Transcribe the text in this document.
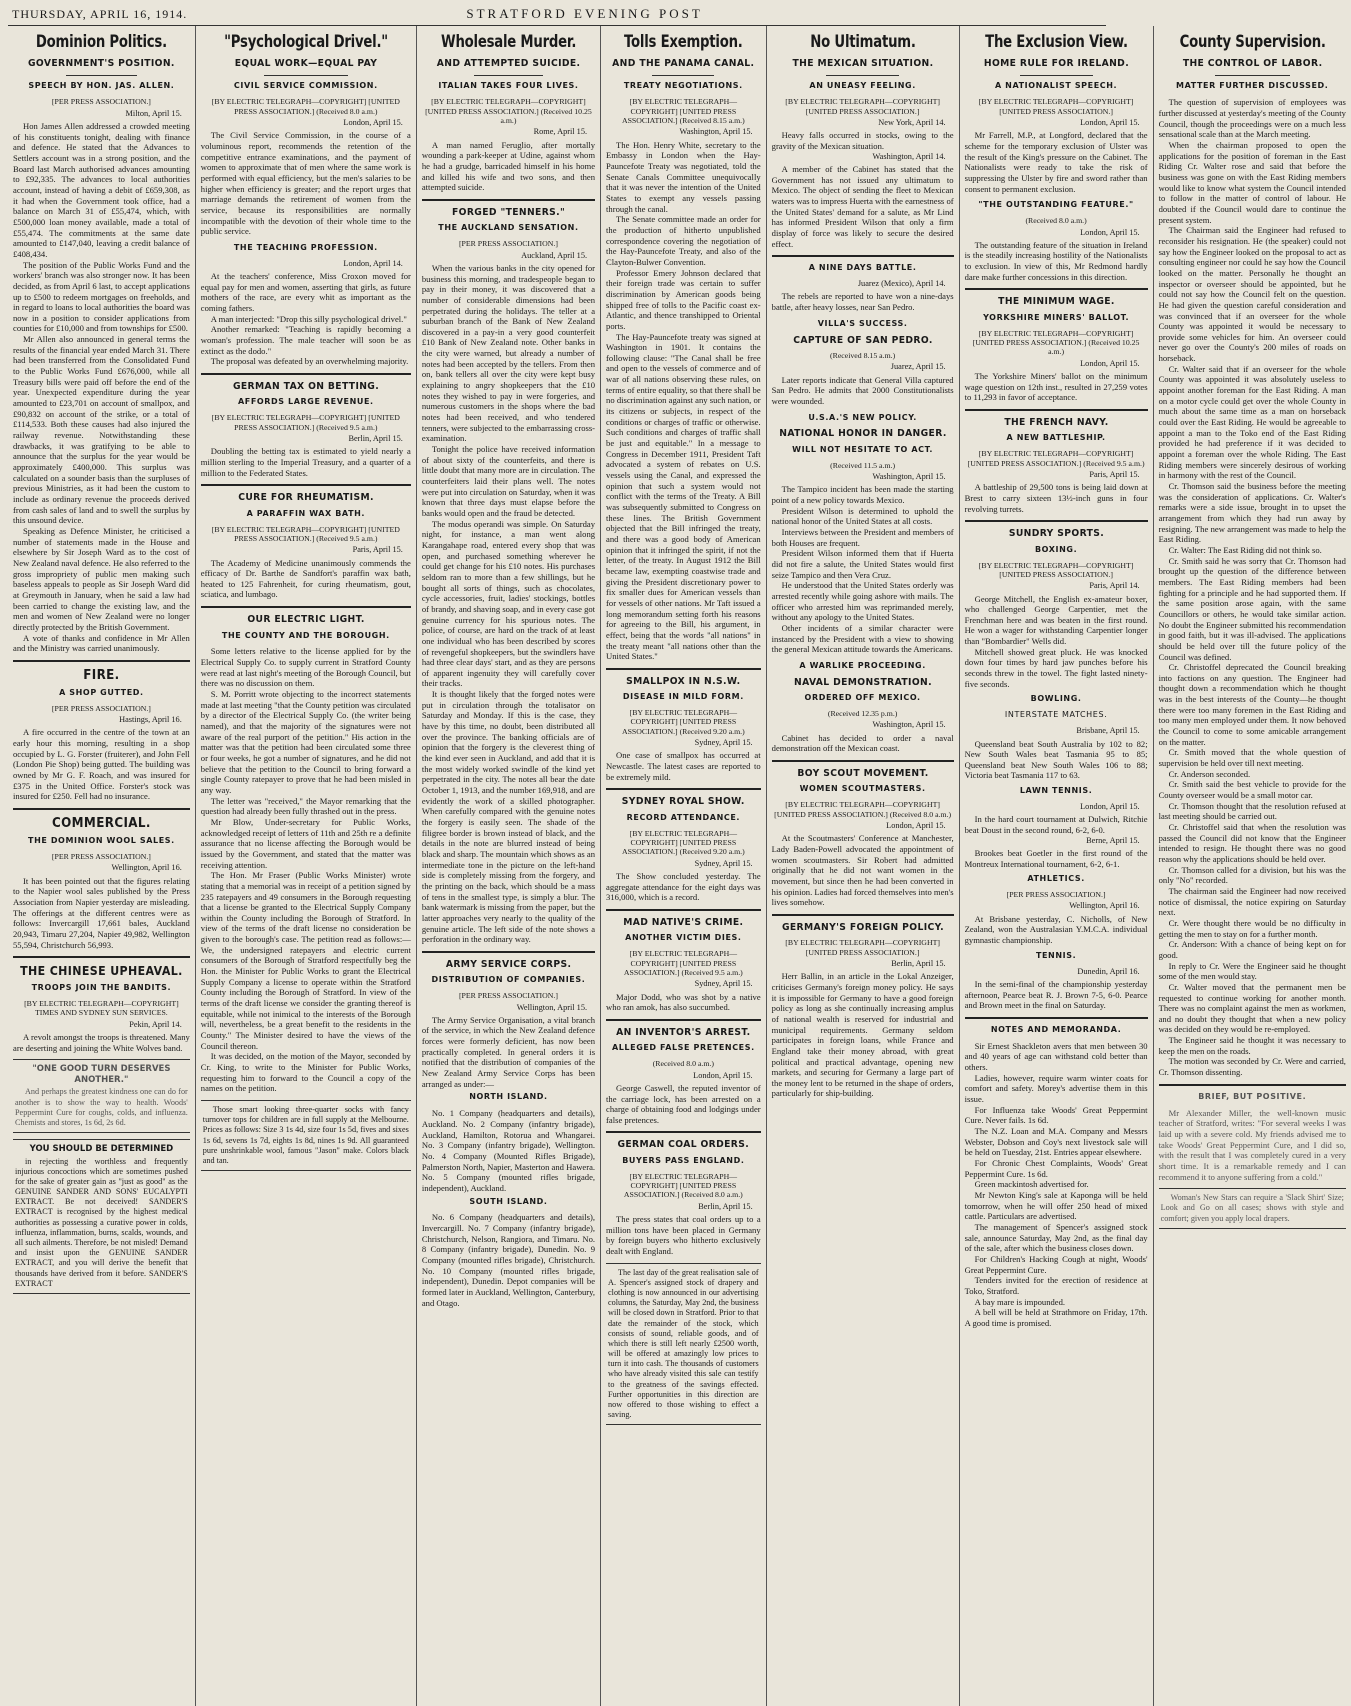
THURSDAY, APRIL 16, 1914.	STRATFORD EVENING POST
Dominion Politics.
GOVERNMENT'S POSITION.
SPEECH BY HON. JAS. ALLEN.
[PER PRESS ASSOCIATION.]
Milton, April 15.

Hon James Allen addressed a crowded meeting of his constituents tonight, dealing with finance and defence. He stated that the Advances to Settlers account was in a strong position, and the Board last March authorised advances amounting to £92,335. The advances to local authorities account, instead of having a debit of £659,308, as it had when the Government took office, had a balance on March 31 of £55,474, which, with £500,000 loan money available, made a total of £55,474. The commitments at the same date amounted to £147,040, leaving a credit balance of £408,434.

The position of the Public Works Fund and the workers' branch was also stronger now. It has been decided, as from April 6 last, to accept applications up to £500 to redeem mortgages on freeholds, and in regard to loans to local authorities the board was now in a position to consider applications from counties for £10,000 and from townships for £500.

Mr Allen also announced in general terms the results of the financial year ended March 31. There had been transferred from the Consolidated Fund to the Public Works Fund £676,000, while all Treasury bills were paid off before the end of the year. Unexpected expenditure during the year amounted to £23,701 on account of smallpox, and £90,832 on account of the strike, or a total of £114,533. Both these causes had also injured the railway revenue. Notwithstanding these drawbacks, it was gratifying to be able to announce that the surplus for the year would be approximately £400,000. This surplus was calculated on a sounder basis than the surpluses of previous Ministries, as it had been the custom to include as ordinary revenue the proceeds derived from cash sales of land and to swell the surplus by this unsound device.

Speaking as Defence Minister, he criticised a number of statements made in the House and elsewhere by Sir Joseph Ward as to the cost of New Zealand naval defence. He also referred to the gross impropriety of public men making such baseless appeals to people as Sir Joseph Ward did at Greymouth in January, when he said a law had been carried to change the existing law, and the men and women of New Zealand were no longer directly protected by the British Government.

A vote of thanks and confidence in Mr Allen and the Ministry was carried unanimously.

FIRE.
A SHOP GUTTED.
[PER PRESS ASSOCIATION.]
Hastings, April 16.

A fire occurred in the centre of the town at an early hour this morning, resulting in a shop occupied by L. G. Forster (fruiterer), and John Fell (London Pie Shop) being gutted. The building was owned by Mr G. F. Roach, and was insured for £375 in the United Office. Forster's stock was insured for £250. Fell had no insurance.

COMMERCIAL.
THE DOMINION WOOL SALES.
[PER PRESS ASSOCIATION.]
Wellington, April 16.

It has been pointed out that the figures relating to the Napier wool sales published by the Press Association from Napier yesterday are misleading. The offerings at the different centres were as follows: Invercargill 17,661 bales, Auckland 20,943, Timaru 27,204, Napier 49,982, Wellington 55,594, Christchurch 56,993.

THE CHINESE UPHEAVAL.
TROOPS JOIN THE BANDITS.
[BY ELECTRIC TELEGRAPH—COPYRIGHT] TIMES AND SYDNEY SUN SERVICES.
Pekin, April 14.

A revolt amongst the troops is threatened. Many are deserting and joining the White Wolves band.

"ONE GOOD TURN DESERVES ANOTHER."

And perhaps the greatest kindness one can do for another is to show the way to health. Woods' Peppermint Cure for coughs, colds, and influenza. Chemists and stores, 1s 6d, 2s 6d.

YOU SHOULD BE DETERMINED

in rejecting the worthless and frequently injurious concoctions which are sometimes pushed for the sake of greater gain as "just as good" as the GENUINE SANDER AND SONS' EUCALYPTI EXTRACT. Be not deceived! SANDER'S EXTRACT is recognised by the highest medical authorities as possessing a curative power in colds, influenza, inflammation, burns, scalds, wounds, and all such ailments. Therefore, be not misled! Demand and insist upon the GENUINE SANDER EXTRACT, and you will derive the benefit that thousands have derived from it before. SANDER'S EXTRACT

"Psychological Drivel."
EQUAL WORK—EQUAL PAY
CIVIL SERVICE COMMISSION.
[BY ELECTRIC TELEGRAPH—COPYRIGHT] [UNITED PRESS ASSOCIATION.] (Received 8.0 a.m.)
London, April 15.

The Civil Service Commission, in the course of a voluminous report, recommends the retention of the competitive entrance examinations, and the payment of women to approximate that of men where the same work is performed with equal efficiency, but the men's salaries to be higher when efficiency is greater; and the report urges that marriage demands the retirement of women from the service, because its responsibilities are normally incompatible with the devotion of their whole time to the public service.

THE TEACHING PROFESSION.
London, April 14.

At the teachers' conference, Miss Croxon moved for equal pay for men and women, asserting that girls, as future mothers of the race, are every whit as important as the coming fathers.

A man interjected: "Drop this silly psychological drivel."

Another remarked: "Teaching is rapidly becoming a woman's profession. The male teacher will soon be as extinct as the dodo."

The proposal was defeated by an overwhelming majority.

GERMAN TAX ON BETTING.
AFFORDS LARGE REVENUE.
[BY ELECTRIC TELEGRAPH—COPYRIGHT] [UNITED PRESS ASSOCIATION.] (Received 9.5 a.m.)
Berlin, April 15.

Doubling the betting tax is estimated to yield nearly a million sterling to the Imperial Treasury, and a quarter of a million to the Federated States.

CURE FOR RHEUMATISM.
A PARAFFIN WAX BATH.
[BY ELECTRIC TELEGRAPH—COPYRIGHT] [UNITED PRESS ASSOCIATION.] (Received 9.5 a.m.)
Paris, April 15.

The Academy of Medicine unanimously commends the efficacy of Dr. Barthe de Sandfort's paraffin wax bath, heated to 125 Fahrenheit, for curing rheumatism, gout, sciatica, and lumbago.

OUR ELECTRIC LIGHT.
THE COUNTY AND THE BOROUGH.

Some letters relative to the license applied for by the Electrical Supply Co. to supply current in Stratford County were read at last night's meeting of the Borough Council, but there was no discussion on them.

S. M. Porritt wrote objecting to the incorrect statements made at last meeting "that the County petition was circulated by a director of the Electrical Supply Co. (the writer being named), and that the majority of the signatures were not aware of the real purport of the petition." His action in the matter was that the petition had been circulated some three or four weeks, he got a number of signatures, and he did not believe that the petition to the Council to bring forward a single County ratepayer to prove that he had been misled in any way.

The letter was "received," the Mayor remarking that the question had already been fully thrashed out in the press.

Mr Blow, Under-secretary for Public Works, acknowledged receipt of letters of 11th and 25th re a definite assurance that no license affecting the Borough would be issued by the Government, and stated that the matter was receiving attention.

The Hon. Mr Fraser (Public Works Minister) wrote stating that a memorial was in receipt of a petition signed by 235 ratepayers and 49 consumers in the Borough requesting that a license be granted to the Electrical Supply Company within the County including the Borough of Stratford. In view of the terms of the draft license no consideration be given to the borough's case. The petition read as follows:—We, the undersigned ratepayers and electric current consumers of the Borough of Stratford respectfully beg the Hon. the Minister for Public Works to grant the Electrical Supply Company a license to operate within the Stratford County including the Borough of Stratford. In view of the terms of the draft license we consider the granting thereof is equitable, while not inimical to the interests of the Borough will, nevertheless, be a great benefit to the residents in the County." The Minister desired to have the views of the Council thereon.

It was decided, on the motion of the Mayor, seconded by Cr. King, to write to the Minister for Public Works, requesting him to forward to the Council a copy of the names on the petition.

Those smart looking three-quarter socks with fancy turnover tops for children are in full supply at the Melbourne. Prices as follows: Size 3 1s 4d, size four 1s 5d, fives and sixes 1s 6d, sevens 1s 7d, eights 1s 8d, nines 1s 9d. All guaranteed pure unshrinkable wool, famous "Jason" make. Colors black and tan.

Wholesale Murder.
AND ATTEMPTED SUICIDE.
ITALIAN TAKES FOUR LIVES.
[BY ELECTRIC TELEGRAPH—COPYRIGHT] [UNITED PRESS ASSOCIATION.] (Received 10.25 a.m.)
Rome, April 15.

A man named Feruglio, after mortally wounding a park-keeper at Udine, against whom he had a grudge, barricaded himself in his home and killed his wife and two sons, and then attempted suicide.

FORGED "TENNERS."
THE AUCKLAND SENSATION.
[PER PRESS ASSOCIATION.]
Auckland, April 15.

When the various banks in the city opened for business this morning, and tradespeople began to pay in their money, it was discovered that a number of considerable dimensions had been perpetrated during the holidays. The teller at a suburban branch of the Bank of New Zealand discovered in a pay-in a very good counterfeit £10 Bank of New Zealand note. Other banks in the city were warned, but already a number of notes had been accepted by the tellers. From then on, bank tellers all over the city were kept busy explaining to angry shopkeepers that the £10 notes they wished to pay in were forgeries, and numerous customers in the shops where the bad notes had been received, and who tendered tenners, were subjected to the embarrassing cross-examination.

Tonight the police have received information of about sixty of the counterfeits, and there is little doubt that many more are in circulation. The counterfeiters laid their plans well. The notes were put into circulation on Saturday, when it was known that three days must elapse before the banks would open and the fraud be detected.

The modus operandi was simple. On Saturday night, for instance, a man went along Karangahape road, entered every shop that was open, and purchased something wherever he could get change for his £10 notes. His purchases seldom ran to more than a few shillings, but he bought all sorts of things, such as chocolates, cycle accessories, fruit, ladies' stockings, bottles of brandy, and shaving soap, and in every case got genuine currency for his spurious notes. The police, of course, are hard on the track of at least one individual who has been described by scores of revengeful shopkeepers, but the swindlers have had three clear days' start, and as they are persons of apparent ingenuity they will carefully cover their tracks.

It is thought likely that the forged notes were put in circulation through the totalisator on Saturday and Monday. If this is the case, they have by this time, no doubt, been distributed all over the province. The banking officials are of opinion that the forgery is the cleverest thing of the kind ever seen in Auckland, and add that it is the most widely worked swindle of the kind yet perpetrated in the city. The notes all bear the date October 1, 1913, and the number 169,918, and are evidently the work of a skilled photographer. When carefully compared with the genuine notes the forgery is easily seen. The shade of the filigree border is brown instead of black, and the details in the note are blurred instead of being black and sharp. The mountain which shows as an intermediate tone in the picture on the left-hand side is completely missing from the forgery, and the printing on the back, which should be a mass of tens in the smallest type, is simply a blur. The bank watermark is missing from the paper, but the latter approaches very nearly to the quality of the genuine article. The left side of the note shows a perforation in the ordinary way.

ARMY SERVICE CORPS.
DISTRIBUTION OF COMPANIES.
[PER PRESS ASSOCIATION.]
Wellington, April 15.

The Army Service Organisation, a vital branch of the service, in which the New Zealand defence forces were formerly deficient, has now been practically completed. In general orders it is notified that the distribution of companies of the New Zealand Army Service Corps has been arranged as under:—

NORTH ISLAND.

No. 1 Company (headquarters and details), Auckland. No. 2 Company (infantry brigade), Auckland, Hamilton, Rotorua and Whangarei. No. 3 Company (infantry brigade), Wellington. No. 4 Company (Mounted Rifles Brigade), Palmerston North, Napier, Masterton and Hawera. No. 5 Company (mounted rifles brigade, independent), Auckland.

SOUTH ISLAND.

No. 6 Company (headquarters and details), Invercargill. No. 7 Company (infantry brigade), Christchurch, Nelson, Rangiora, and Timaru. No. 8 Company (infantry brigade), Dunedin. No. 9 Company (mounted rifles brigade), Christchurch. No. 10 Company (mounted rifles brigade, independent), Dunedin. Depot companies will be formed later in Auckland, Wellington, Canterbury, and Otago.

Tolls Exemption.
AND THE PANAMA CANAL.
TREATY NEGOTIATIONS.
[BY ELECTRIC TELEGRAPH—COPYRIGHT] [UNITED PRESS ASSOCIATION.] (Received 8.15 a.m.)
Washington, April 15.

The Hon. Henry White, secretary to the Embassy in London when the Hay-Pauncefote Treaty was negotiated, told the Senate Canals Committee unequivocally that it was never the intention of the United States to exempt any vessels passing through the canal.

The Senate committee made an order for the production of hitherto unpublished correspondence covering the negotiation of the Hay-Pauncefote Treaty, and also of the Clayton-Bulwer Convention.

Professor Emery Johnson declared that their foreign trade was certain to suffer discrimination by American goods being shipped free of tolls to the Pacific coast ex-Atlantic, and thence transhipped to Oriental ports.

The Hay-Pauncefote treaty was signed at Washington in 1901. It contains the following clause: "The Canal shall be free and open to the vessels of commerce and of war of all nations observing these rules, on terms of entire equality, so that there shall be no discrimination against any such nation, or its citizens or subjects, in respect of the conditions or charges of traffic or otherwise. Such conditions and charges of traffic shall be just and equitable." In a message to Congress in December 1911, President Taft advocated a system of rebates on U.S. vessels using the Canal, and expressed the opinion that such a system would not conflict with the terms of the Treaty. A Bill was subsequently submitted to Congress on these lines. The British Government objected that the Bill infringed the treaty, and there was a good body of American opinion that it infringed the spirit, if not the letter, of the treaty. In August 1912 the Bill became law, exempting coastwise trade and giving the President discretionary power to fix smaller dues for American vessels than for vessels of other nations. Mr Taft issued a long memorandum setting forth his reasons for agreeing to the Bill, his argument, in effect, being that the words "all nations" in the treaty meant "all nations other than the United States."

SMALLPOX IN N.S.W.
DISEASE IN MILD FORM.
[BY ELECTRIC TELEGRAPH—COPYRIGHT] [UNITED PRESS ASSOCIATION.] (Received 9.20 a.m.)
Sydney, April 15.

One case of smallpox has occurred at Newcastle. The latest cases are reported to be extremely mild.

SYDNEY ROYAL SHOW.
RECORD ATTENDANCE.
[BY ELECTRIC TELEGRAPH—COPYRIGHT] [UNITED PRESS ASSOCIATION.] (Received 9.20 a.m.)
Sydney, April 15.

The Show concluded yesterday. The aggregate attendance for the eight days was 316,000, which is a record.

MAD NATIVE'S CRIME.
ANOTHER VICTIM DIES.
[BY ELECTRIC TELEGRAPH—COPYRIGHT] [UNITED PRESS ASSOCIATION.] (Received 9.5 a.m.)
Sydney, April 15.

Major Dodd, who was shot by a native who ran amok, has also succumbed.

AN INVENTOR'S ARREST.
ALLEGED FALSE PRETENCES.
(Received 8.0 a.m.)
London, April 15.

George Caswell, the reputed inventor of the carriage lock, has been arrested on a charge of obtaining food and lodgings under false pretences.

GERMAN COAL ORDERS.
BUYERS PASS ENGLAND.
[BY ELECTRIC TELEGRAPH—COPYRIGHT] [UNITED PRESS ASSOCIATION.] (Received 8.0 a.m.)
Berlin, April 15.

The press states that coal orders up to a million tons have been placed in Germany by foreign buyers who hitherto exclusively dealt with England.

The last day of the great realisation sale of A. Spencer's assigned stock of drapery and clothing is now announced in our advertising columns, the Saturday, May 2nd, the business will be closed down in Stratford. Prior to that date the remainder of the stock, which consists of sound, reliable goods, and of which there is still left nearly £2500 worth, will be offered at amazingly low prices to turn it into cash. The thousands of customers who have already visited this sale can testify to the greatness of the savings effected. Further opportunities in this direction are now offered to those wishing to effect a saving.

No Ultimatum.
THE MEXICAN SITUATION.
AN UNEASY FEELING.
[BY ELECTRIC TELEGRAPH—COPYRIGHT] [UNITED PRESS ASSOCIATION.]
New York, April 14.

Heavy falls occurred in stocks, owing to the gravity of the Mexican situation.

Washington, April 14.

A member of the Cabinet has stated that the Government has not issued any ultimatum to Mexico. The object of sending the fleet to Mexican waters was to impress Huerta with the earnestness of the United States' demand for a salute, as Mr Lind has informed President Wilson that only a firm display of force was likely to secure the desired effect.

A NINE DAYS BATTLE.
Juarez (Mexico), April 14.

The rebels are reported to have won a nine-days battle, after heavy losses, near San Pedro.

VILLA'S SUCCESS.
CAPTURE OF SAN PEDRO.
(Received 8.15 a.m.)
Juarez, April 15.

Later reports indicate that General Villa captured San Pedro. He admits that 2000 Constitutionalists were wounded.

U.S.A.'S NEW POLICY.
NATIONAL HONOR IN DANGER.
WILL NOT HESITATE TO ACT.
(Received 11.5 a.m.)
Washington, April 15.

The Tampico incident has been made the starting point of a new policy towards Mexico.

President Wilson is determined to uphold the national honor of the United States at all costs.

Interviews between the President and members of both Houses are frequent.

President Wilson informed them that if Huerta did not fire a salute, the United States would first seize Tampico and then Vera Cruz.

He understood that the United States orderly was arrested recently while going ashore with mails. The officer who arrested him was reprimanded merely, without any apology to the United States.

Other incidents of a similar character were instanced by the President with a view to showing the general Mexican attitude towards the Americans.

A WARLIKE PROCEEDING.
NAVAL DEMONSTRATION.
ORDERED OFF MEXICO.
(Received 12.35 p.m.)
Washington, April 15.

Cabinet has decided to order a naval demonstration off the Mexican coast.

BOY SCOUT MOVEMENT.
WOMEN SCOUTMASTERS.
[BY ELECTRIC TELEGRAPH—COPYRIGHT] [UNITED PRESS ASSOCIATION.] (Received 8.0 a.m.)
London, April 15.

At the Scoutmasters' Conference at Manchester, Lady Baden-Powell advocated the appointment of women scoutmasters. Sir Robert had admitted originally that he did not want women in the movement, but since then he had been converted in his opinion. Ladies had forced themselves into men's lives somehow.

GERMANY'S FOREIGN POLICY.
[BY ELECTRIC TELEGRAPH—COPYRIGHT] [UNITED PRESS ASSOCIATION.]
Berlin, April 15.

Herr Ballin, in an article in the Lokal Anzeiger, criticises Germany's foreign money policy. He says it is impossible for Germany to have a good foreign policy as long as she continually increasing amplus of national wealth is reserved for industrial and municipal requirements. Germany seldom participates in foreign loans, while France and England take their money abroad, with great political and practical advantage, opening new markets, and securing for Germany a large part of the money lent to be returned in the shape of orders, particularly for ship-building.

The Exclusion View.
HOME RULE FOR IRELAND.
A NATIONALIST SPEECH.
[BY ELECTRIC TELEGRAPH—COPYRIGHT] [UNITED PRESS ASSOCIATION.]
London, April 15.

Mr Farrell, M.P., at Longford, declared that the scheme for the temporary exclusion of Ulster was the result of the King's pressure on the Cabinet. The Nationalists were ready to take the risk of suppressing the Ulster by fire and sword rather than consent to permanent exclusion.

"THE OUTSTANDING FEATURE."
(Received 8.0 a.m.)
London, April 15.

The outstanding feature of the situation in Ireland is the steadily increasing hostility of the Nationalists to exclusion. In view of this, Mr Redmond hardly dare make further concessions in this direction.

THE MINIMUM WAGE.
YORKSHIRE MINERS' BALLOT.
[BY ELECTRIC TELEGRAPH—COPYRIGHT] [UNITED PRESS ASSOCIATION.] (Received 10.25 a.m.)
London, April 15.

The Yorkshire Miners' ballot on the minimum wage question on 12th inst., resulted in 27,259 votes to 11,293 in favor of acceptance.

THE FRENCH NAVY.
A NEW BATTLESHIP.
[BY ELECTRIC TELEGRAPH—COPYRIGHT] [UNITED PRESS ASSOCIATION.] (Received 9.5 a.m.)
Paris, April 15.

A battleship of 29,500 tons is being laid down at Brest to carry sixteen 13½-inch guns in four revolving turrets.

SUNDRY SPORTS.
BOXING.
[BY ELECTRIC TELEGRAPH—COPYRIGHT] [UNITED PRESS ASSOCIATION.]
Paris, April 14.

George Mitchell, the English ex-amateur boxer, who challenged George Carpentier, met the Frenchman here and was beaten in the first round. He won a wager for withstanding Carpentier longer than "Bombardier" Wells did.

Mitchell showed great pluck. He was knocked down four times by hard jaw punches before his seconds threw in the towel. The fight lasted ninety-five seconds.

BOWLING.
INTERSTATE MATCHES.
Brisbane, April 15.

Queensland beat South Australia by 102 to 82; New South Wales beat Tasmania 95 to 85; Queensland beat New South Wales 106 to 88; Victoria beat Tasmania 117 to 63.

LAWN TENNIS.
London, April 15.

In the hard court tournament at Dulwich, Ritchie beat Doust in the second round, 6-2, 6-0.

Berne, April 15.

Brookes beat Goetler in the first round of the Montreux International tournament, 6-2, 6-1.

ATHLETICS.
[PER PRESS ASSOCIATION.]
Wellington, April 16.

At Brisbane yesterday, C. Nicholls, of New Zealand, won the Australasian Y.M.C.A. individual gymnastic championship.

TENNIS.
Dunedin, April 16.

In the semi-final of the championship yesterday afternoon, Pearce beat R. J. Brown 7-5, 6-0. Pearce and Brown meet in the final on Saturday.

NOTES AND MEMORANDA.

Sir Ernest Shackleton avers that men between 30 and 40 years of age can withstand cold better than others.

Ladies, however, require warm winter coats for comfort and safety. Morey's advertise them in this issue.

For Influenza take Woods' Great Peppermint Cure. Never fails. 1s 6d.

The N.Z. Loan and M.A. Company and Messrs Webster, Dobson and Coy's next livestock sale will be held on Tuesday, 21st. Entries appear elsewhere.

For Chronic Chest Complaints, Woods' Great Peppermint Cure. 1s 6d.

Green mackintosh advertised for.

Mr Newton King's sale at Kaponga will be held tomorrow, when he will offer 250 head of mixed cattle. Particulars are advertised.

The management of Spencer's assigned stock sale, announce Saturday, May 2nd, as the final day of the sale, after which the business closes down.

For Children's Hacking Cough at night, Woods' Great Peppermint Cure.

Tenders invited for the erection of residence at Toko, Stratford.

A bay mare is impounded.

A bell will be held at Strathmore on Friday, 17th. A good time is promised.

County Supervision.
THE CONTROL OF LABOR.
MATTER FURTHER DISCUSSED.

The question of supervision of employees was further discussed at yesterday's meeting of the County Council, though the proceedings were on a much less sensational scale than at the March meeting.

When the chairman proposed to open the applications for the position of foreman in the East Riding Cr. Walter rose and said that before the business was gone on with the East Riding members would like to know what system the Council intended to follow in the matter of control of labour. He doubted if the Council would dare to continue the present system.

The Chairman said the Engineer had refused to reconsider his resignation. He (the speaker) could not say how the Engineer looked on the proposal to act as consulting engineer nor could he say how the Council looked on the matter. Personally he thought an inspector or overseer should be appointed, but he could not say how the Council felt on the question. He had given the question careful consideration and was convinced that if an overseer for the whole County was appointed it would be necessary to provide some vehicles for him. An overseer could never go over the County's 200 miles of roads on horseback.

Cr. Walter said that if an overseer for the whole County was appointed it was absolutely useless to appoint another foreman for the East Riding. A man on a motor cycle could get over the whole County in much about the same time as a man on horseback could over the East Riding. He would be agreeable to appoint a man to the Toko end of the East Riding provided he had preference if it was decided to appoint a foreman over the whole Riding. The East Riding members were sincerely desirous of working in harmony with the rest of the Council.

Cr. Thomson said the business before the meeting was the consideration of applications. Cr. Walter's remarks were a side issue, brought in to upset the arrangement from which they had run away by resigning. The new arrangement was made to help the East Riding.

Cr. Walter: The East Riding did not think so.

Cr. Smith said he was sorry that Cr. Thomson had brought up the question of the difference between members. The East Riding members had been fighting for a principle and he had supported them. If the same position arose again, with the same Councillors or others, he would take similar action. No doubt the Engineer submitted his recommendation in good faith, but it was ill-advised. The applications should be held over till the future policy of the Council was defined.

Cr. Christoffel deprecated the Council breaking into factions on any question. The Engineer had thought down a recommendation which he thought was in the best interests of the County—he thought there were too many foremen in the East Riding and too many men employed under them. It now behoved the Council to come to some amicable arrangement on the matter.

Cr. Smith moved that the whole question of supervision be held over till next meeting.

Cr. Anderson seconded.

Cr. Smith said the best vehicle to provide for the County overseer would be a small motor car.

Cr. Thomson thought that the resolution refused at last meeting should be carried out.

Cr. Christoffel said that when the resolution was passed the Council did not know that the Engineer intended to resign. He thought there was no good reason why the applications should be held over.

Cr. Thomson called for a division, but his was the only "No" recorded.

The chairman said the Engineer had now received notice of dismissal, the notice expiring on Saturday next.

Cr. Were thought there would be no difficulty in getting the men to stay on for a further month.

Cr. Anderson: With a chance of being kept on for good.

In reply to Cr. Were the Engineer said he thought some of the men would stay.

Cr. Walter moved that the permanent men be requested to continue working for another month. There was no complaint against the men as workmen, and no doubt they thought that when a new policy was decided on they would be re-employed.

The Engineer said he thought it was necessary to keep the men on the roads.

The motion was seconded by Cr. Were and carried, Cr. Thomson dissenting.

BRIEF, BUT POSITIVE.

Mr Alexander Miller, the well-known music teacher of Stratford, writes: "For several weeks I was laid up with a severe cold. My friends advised me to take Woods' Great Peppermint Cure, and I did so, with the result that I was completely cured in a very short time. It is a remarkable remedy and I can recommend it to anyone suffering from a cold."

Woman's New Stars can require a 'Slack Shirt' Size; Look and Go on all cases; shows with style and comfort; given you apply local drapers.
